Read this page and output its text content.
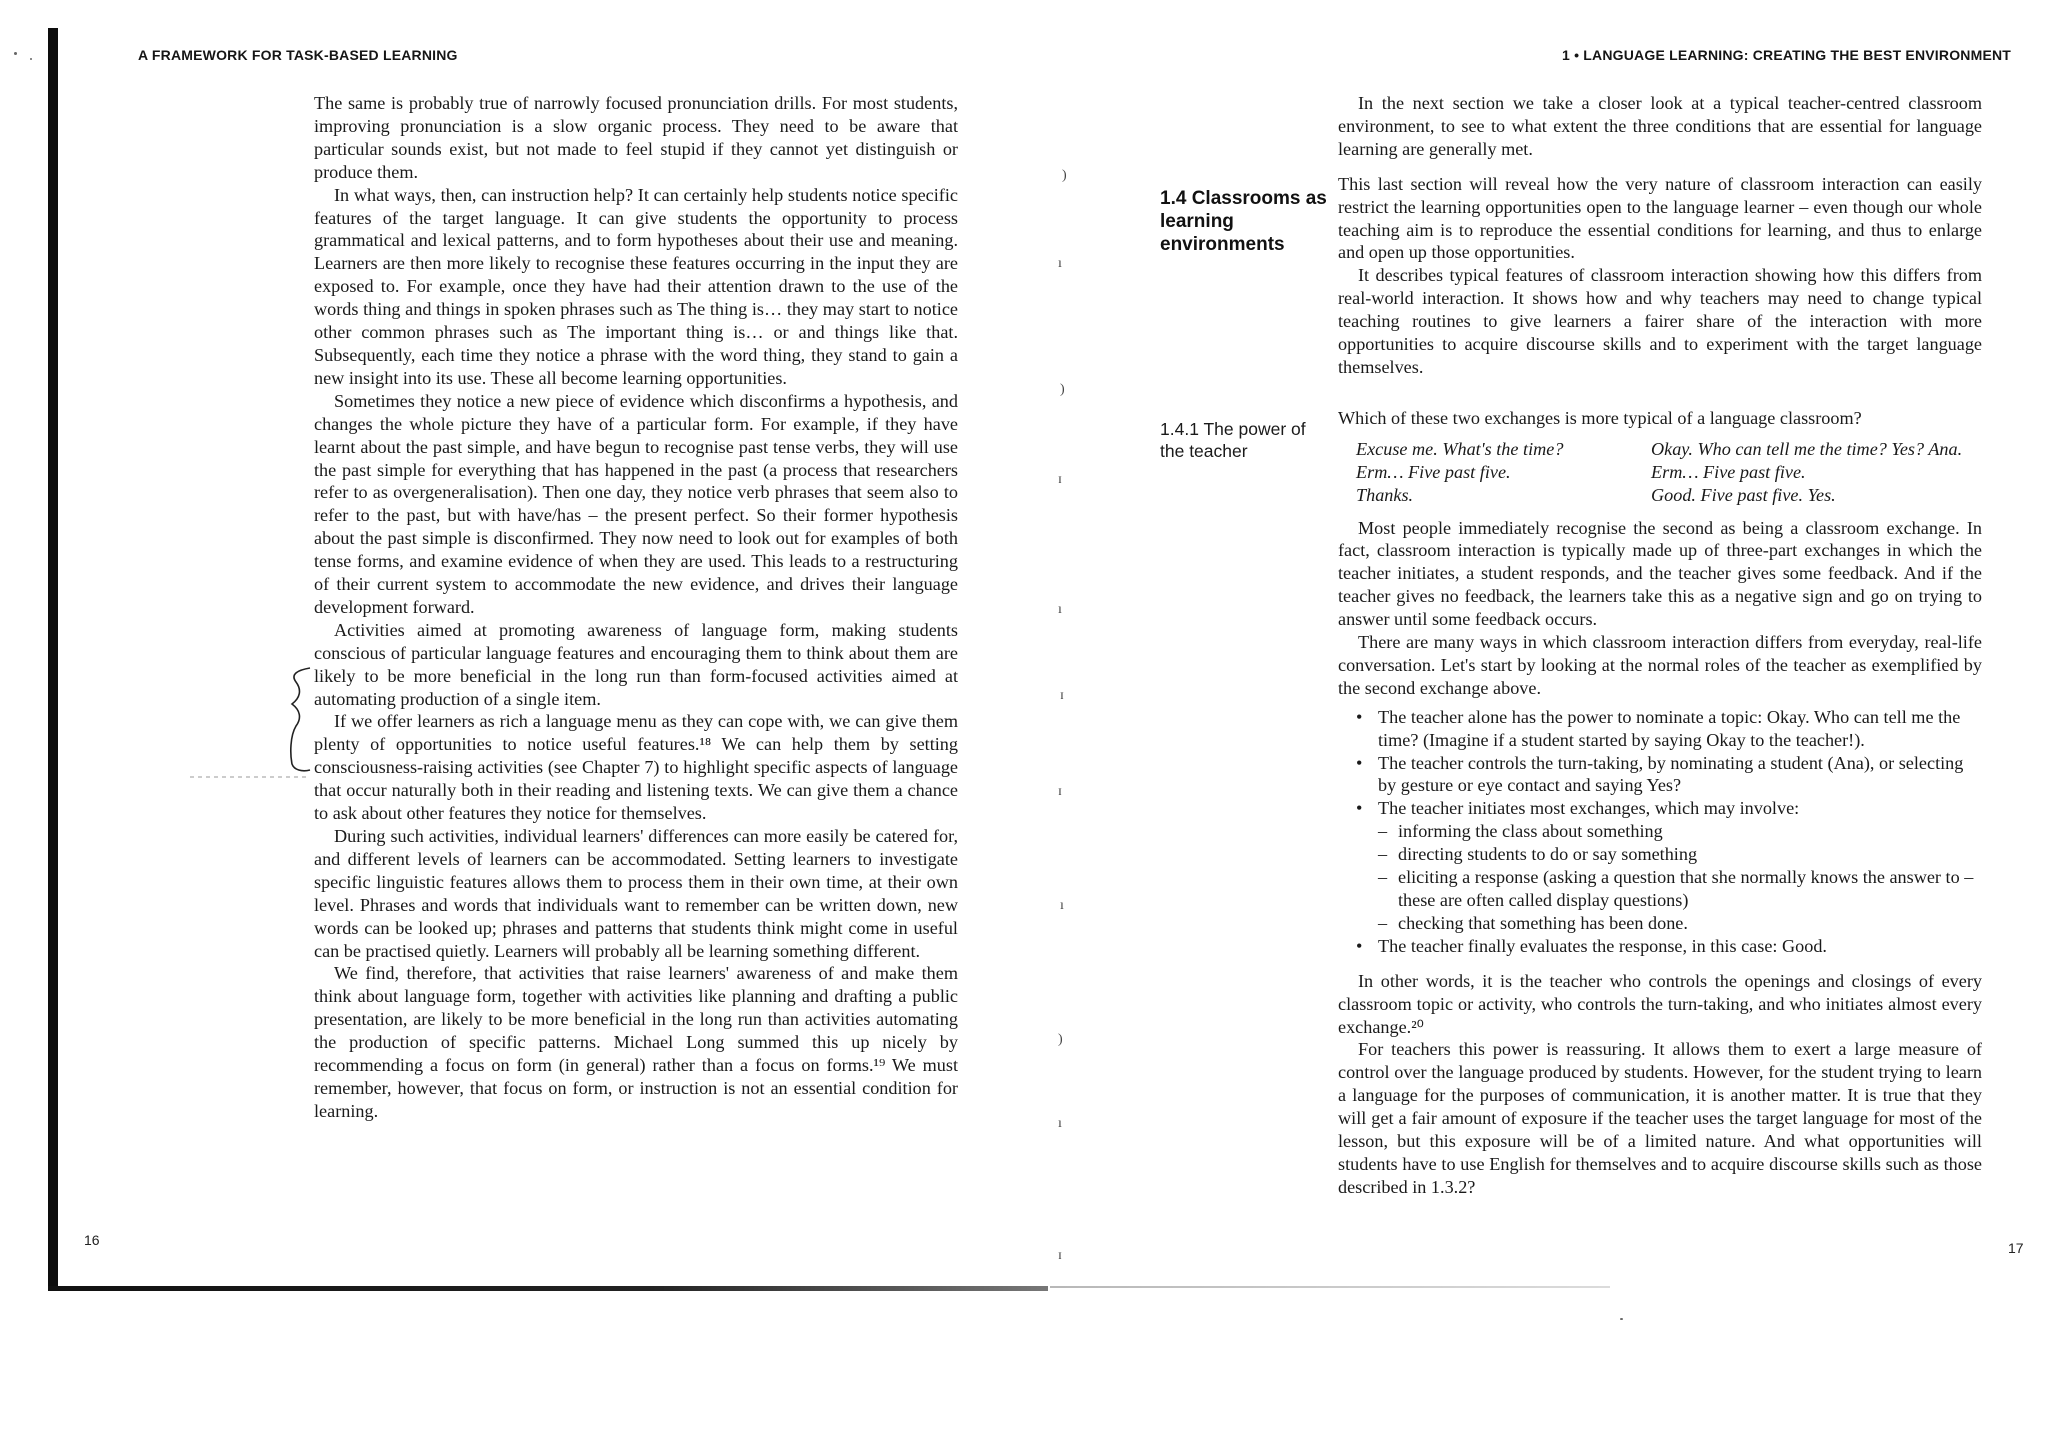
)
ı
)
ɪ
ı
ɪ
ɪ
ı
)
ı
ɪ
A FRAMEWORK FOR TASK-BASED LEARNING

The same is probably true of narrowly focused pronunciation drills. For most students, improving pronunciation is a slow organic process. They need to be aware that particular sounds exist, but not made to feel stupid if they cannot yet distinguish or produce them.

In what ways, then, can instruction help? It can certainly help students notice specific features of the target language. It can give students the opportunity to process grammatical and lexical patterns, and to form hypotheses about their use and meaning. Learners are then more likely to recognise these features occurring in the input they are exposed to. For example, once they have had their attention drawn to the use of the words thing and things in spoken phrases such as The thing is… they may start to notice other common phrases such as The important thing is… or and things like that. Subsequently, each time they notice a phrase with the word thing, they stand to gain a new insight into its use. These all become learning opportunities.

Sometimes they notice a new piece of evidence which disconfirms a hypothesis, and changes the whole picture they have of a particular form. For example, if they have learnt about the past simple, and have begun to recognise past tense verbs, they will use the past simple for everything that has happened in the past (a process that researchers refer to as overgeneralisation). Then one day, they notice verb phrases that seem also to refer to the past, but with have/has – the present perfect. So their former hypothesis about the past simple is disconfirmed. They now need to look out for examples of both tense forms, and examine evidence of when they are used. This leads to a restructuring of their current system to accommodate the new evidence, and drives their language development forward.

Activities aimed at promoting awareness of language form, making students conscious of particular language features and encouraging them to think about them are likely to be more beneficial in the long run than form-focused activities aimed at automating production of a single item.

If we offer learners as rich a language menu as they can cope with, we can give them plenty of opportunities to notice useful features.¹⁸ We can help them by setting consciousness-raising activities (see Chapter 7) to highlight specific aspects of language that occur naturally both in their reading and listening texts. We can give them a chance to ask about other features they notice for themselves.

During such activities, individual learners' differences can more easily be catered for, and different levels of learners can be accommodated. Setting learners to investigate specific linguistic features allows them to process them in their own time, at their own level. Phrases and words that individuals want to remember can be written down, new words can be looked up; phrases and patterns that students think might come in useful can be practised quietly. Learners will probably all be learning something different.

We find, therefore, that activities that raise learners' awareness of and make them think about language form, together with activities like planning and drafting a public presentation, are likely to be more beneficial in the long run than activities automating the production of specific patterns. Michael Long summed this up nicely by recommending a focus on form (in general) rather than a focus on forms.¹⁹ We must remember, however, that focus on form, or instruction is not an essential condition for learning.

16
1 • LANGUAGE LEARNING: CREATING THE BEST ENVIRONMENT
1.4 Classrooms as learning environments
1.4.1 The power of the teacher

In the next section we take a closer look at a typical teacher-centred classroom environment, to see to what extent the three conditions that are essential for language learning are generally met.

This last section will reveal how the very nature of classroom interaction can easily restrict the learning opportunities open to the language learner – even though our whole teaching aim is to reproduce the essential conditions for learning, and thus to enlarge and open up those opportunities.

It describes typical features of classroom interaction showing how this differs from real-world interaction. It shows how and why teachers may need to change typical teaching routines to give learners a fairer share of the interaction with more opportunities to acquire discourse skills and to experiment with the target language themselves.

Which of these two exchanges is more typical of a language classroom?

Excuse me. What's the time?	Okay. Who can tell me the time? Yes? Ana.
Erm… Five past five.	Erm… Five past five.
Thanks.	Good. Five past five. Yes.

Most people immediately recognise the second as being a classroom exchange. In fact, classroom interaction is typically made up of three-part exchanges in which the teacher initiates, a student responds, and the teacher gives some feedback. And if the teacher gives no feedback, the learners take this as a negative sign and go on trying to answer until some feedback occurs.

There are many ways in which classroom interaction differs from everyday, real-life conversation. Let's start by looking at the normal roles of the teacher as exemplified by the second exchange above.

• The teacher alone has the power to nominate a topic: Okay. Who can tell me the time? (Imagine if a student started by saying Okay to the teacher!).
• The teacher controls the turn-taking, by nominating a student (Ana), or selecting by gesture or eye contact and saying Yes?
• The teacher initiates most exchanges, which may involve:
– informing the class about something
– directing students to do or say something
– eliciting a response (asking a question that she normally knows the answer to – these are often called display questions)
– checking that something has been done.
• The teacher finally evaluates the response, in this case: Good.

In other words, it is the teacher who controls the openings and closings of every classroom topic or activity, who controls the turn-taking, and who initiates almost every exchange.²⁰

For teachers this power is reassuring. It allows them to exert a large measure of control over the language produced by students. However, for the student trying to learn a language for the purposes of communication, it is another matter. It is true that they will get a fair amount of exposure if the teacher uses the target language for most of the lesson, but this exposure will be of a limited nature. And what opportunities will students have to use English for themselves and to acquire discourse skills such as those described in 1.3.2?

17
